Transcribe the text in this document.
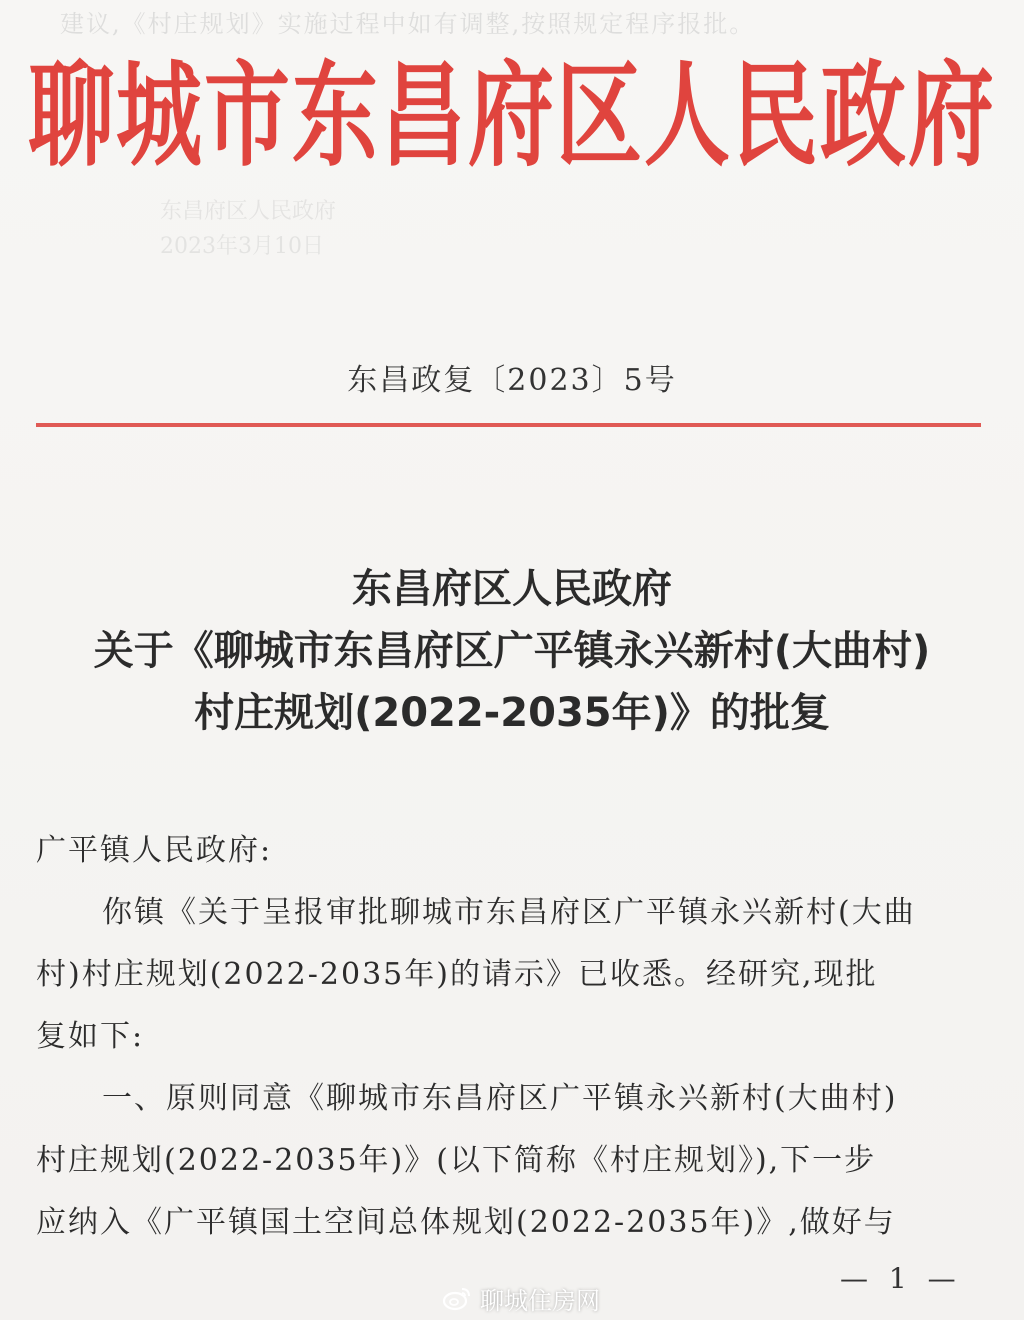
建议,《村庄规划》实施过程中如有调整,按照规定程序报批。
东昌府区人民政府
2023年3月10日
聊城市东昌府区人民政府
东昌政复〔2023〕5号
东昌府区人民政府
关于《聊城市东昌府区广平镇永兴新村(大曲村)
村庄规划(2022-2035年)》的批复
广平镇人民政府:
你镇《关于呈报审批聊城市东昌府区广平镇永兴新村(大曲
村)村庄规划(2022-2035年)的请示》已收悉。经研究,现批
复如下:
一、原则同意《聊城市东昌府区广平镇永兴新村(大曲村)
村庄规划(2022-2035年)》(以下简称《村庄规划》),下一步
应纳入《广平镇国土空间总体规划(2022-2035年)》,做好与
— 1 —
聊城住房网
